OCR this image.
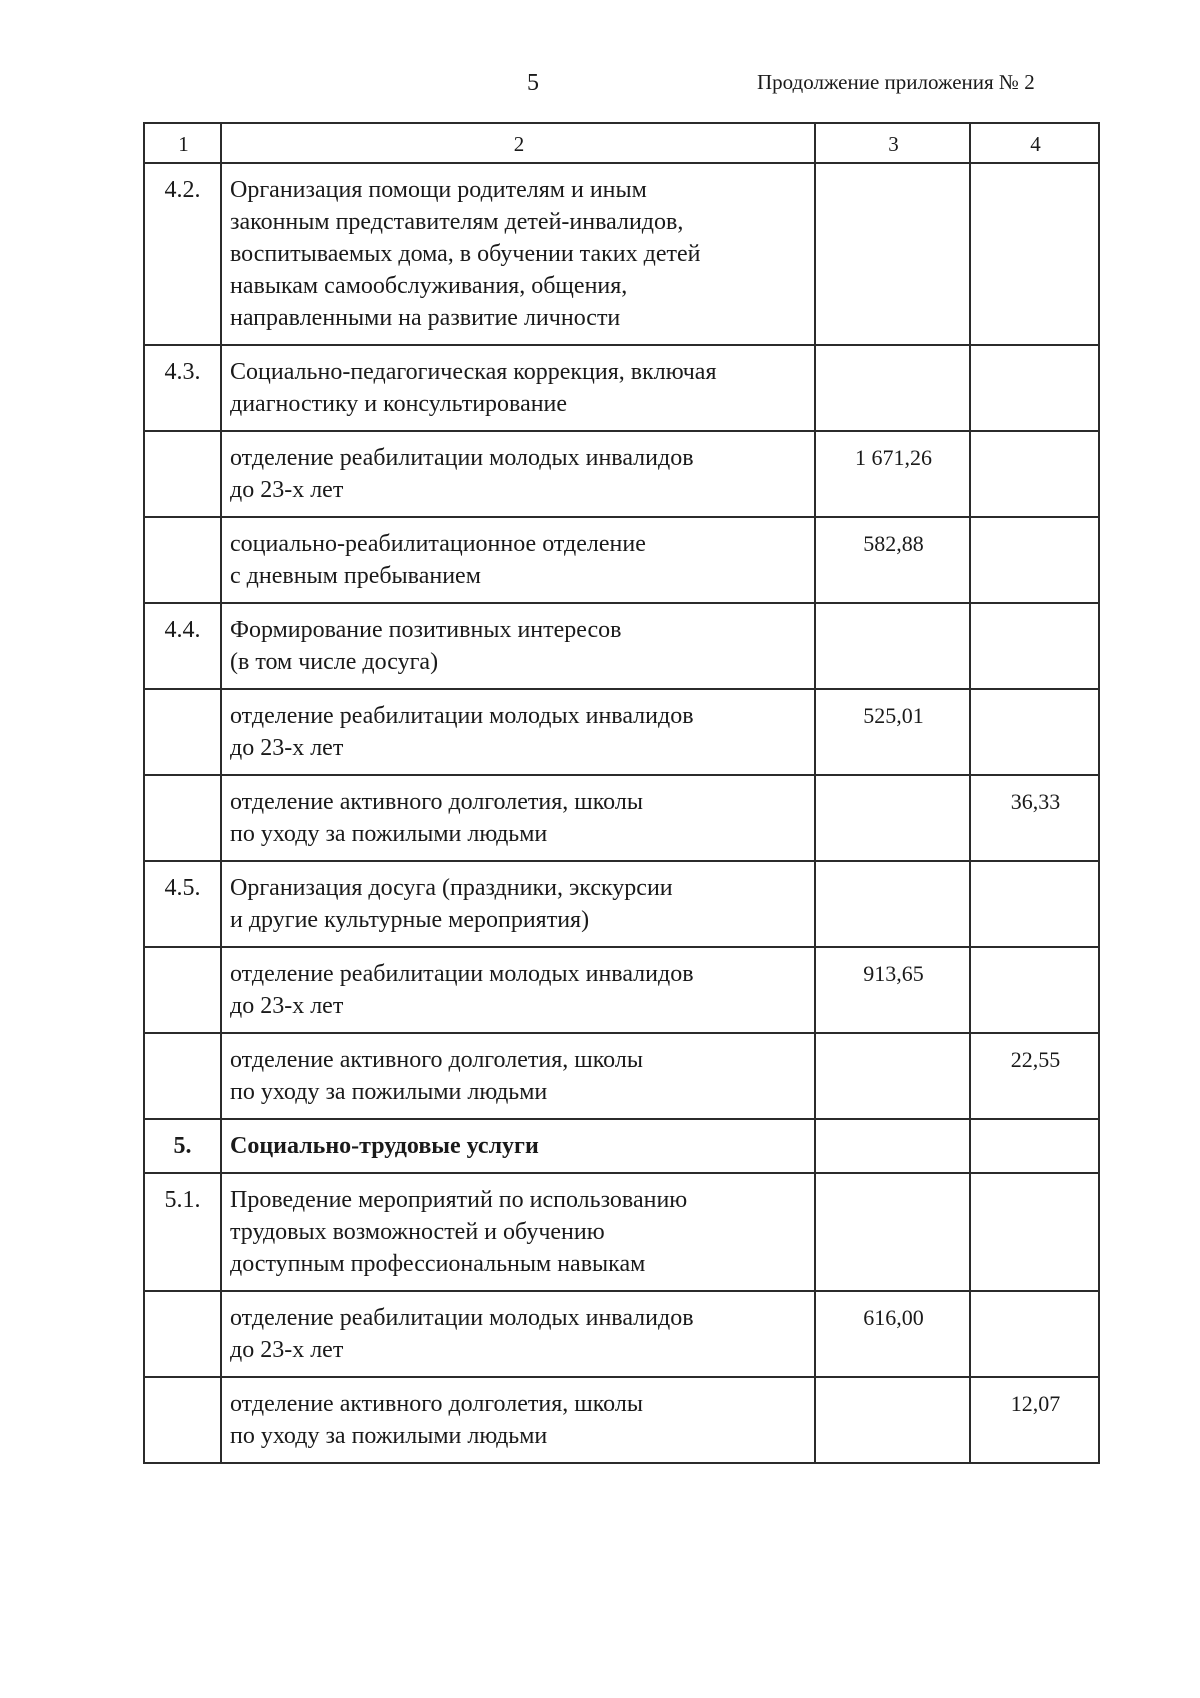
5	Продолжение приложения № 2
1	2	3	4
4.2.	Организация помощи родителям и иным
законным представителям детей-инвалидов,
воспитываемых дома, в обучении таких детей
навыкам самообслуживания, общения,
направленными на развитие личности		

4.3.	Социально-педагогическая коррекция, включая
диагностику и консультирование		

	отделение реабилитации молодых инвалидов
до 23-х лет	1 671,26	

	социально-реабилитационное отделение
с дневным пребыванием	582,88	
4.4.	Формирование позитивных интересов
(в том числе досуга)		

	отделение реабилитации молодых инвалидов
до 23-х лет	525,01	

	отделение активного долголетия, школы
по уходу за пожилыми людьми		36,33
4.5.	Организация досуга (праздники, экскурсии
и другие культурные мероприятия)		

	отделение реабилитации молодых инвалидов
до 23-х лет	913,65	

	отделение активного долголетия, школы
по уходу за пожилыми людьми		22,55
5.	Социально-трудовые услуги		

5.1.	Проведение мероприятий по использованию
трудовых возможностей и обучению
доступным профессиональным навыкам		

	отделение реабилитации молодых инвалидов
до 23-х лет	616,00	

	отделение активного долголетия, школы
по уходу за пожилыми людьми		12,07
